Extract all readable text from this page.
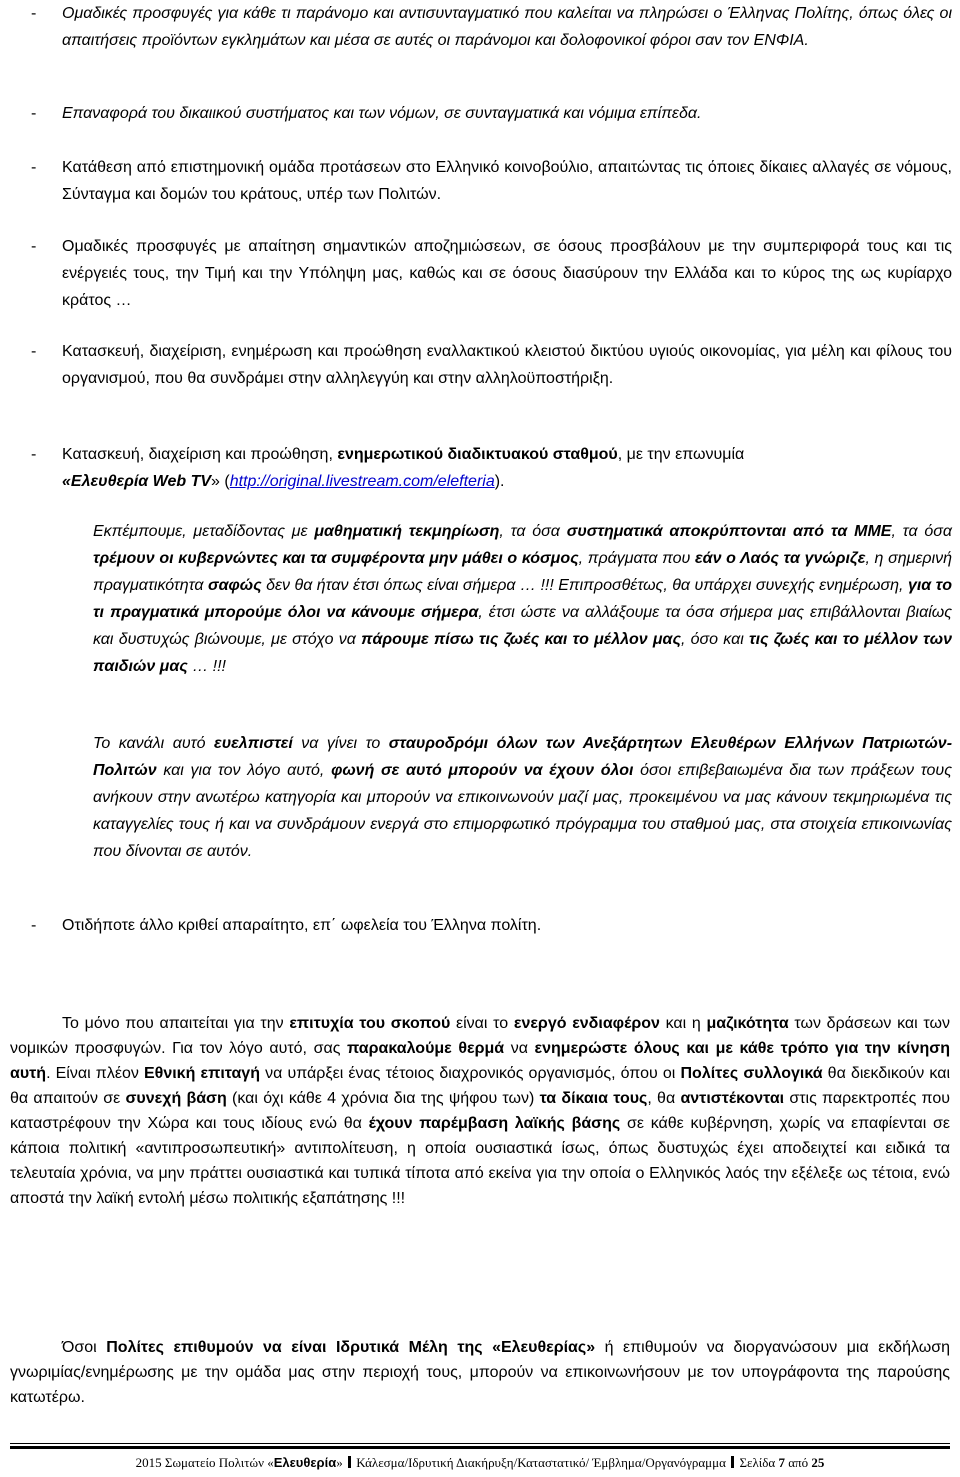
- Ομαδικές προσφυγές για κάθε τι παράνομο και αντισυνταγματικό που καλείται να πληρώσει ο Έλληνας Πολίτης, όπως όλες οι απαιτήσεις προϊόντων εγκλημάτων και μέσα σε αυτές οι παράνομοι και δολοφονικοί φόροι σαν τον ΕΝΦΙΑ.
- Επαναφορά του δικαιικού συστήματος και των νόμων, σε συνταγματικά και νόμιμα επίπεδα.
- Κατάθεση από επιστημονική ομάδα προτάσεων στο Ελληνικό κοινοβούλιο, απαιτώντας τις όποιες δίκαιες αλλαγές σε νόμους, Σύνταγμα και δομών του κράτους, υπέρ των Πολιτών.
- Ομαδικές προσφυγές με απαίτηση σημαντικών αποζημιώσεων, σε όσους προσβάλουν με την συμπεριφορά τους και τις ενέργειές τους, την Τιμή και την Υπόληψη μας, καθώς και σε όσους διασύρουν την Ελλάδα και το κύρος της ως κυρίαρχο κράτος …
- Κατασκευή, διαχείριση, ενημέρωση και προώθηση εναλλακτικού κλειστού δικτύου υγιούς οικονομίας, για μέλη και φίλους του οργανισμού, που θα συνδράμει στην αλληλεγγύη και στην αλληλοϋποστήριξη.
- Κατασκευή, διαχείριση και προώθηση, ενημερωτικού διαδικτυακού σταθμού, με την επωνυμία
«Ελευθερία Web TV» (http://original.livestream.com/elefteria).
Εκπέμπουμε, μεταδίδοντας με μαθηματική τεκμηρίωση, τα όσα συστηματικά αποκρύπτονται από τα ΜΜΕ, τα όσα τρέμουν οι κυβερνώντες και τα συμφέροντα μην μάθει ο κόσμος, πράγματα που εάν ο Λαός τα γνώριζε, η σημερινή πραγματικότητα σαφώς δεν θα ήταν έτσι όπως είναι σήμερα … !!! Επιπροσθέτως, θα υπάρχει συνεχής ενημέρωση, για το τι πραγματικά μπορούμε όλοι να κάνουμε σήμερα, έτσι ώστε να αλλάξουμε τα όσα σήμερα μας επιβάλλονται βιαίως και δυστυχώς βιώνουμε, με στόχο να πάρουμε πίσω τις ζωές και το μέλλον μας, όσο και τις ζωές και το μέλλον των παιδιών μας … !!!
Το κανάλι αυτό ευελπιστεί να γίνει το σταυροδρόμι όλων των Ανεξάρτητων Ελευθέρων Ελλήνων Πατριωτών-Πολιτών και για τον λόγο αυτό, φωνή σε αυτό μπορούν να έχουν όλοι όσοι επιβεβαιωμένα δια των πράξεων τους ανήκουν στην ανωτέρω κατηγορία και μπορούν να επικοινωνούν μαζί μας, προκειμένου να μας κάνουν τεκμηριωμένα τις καταγγελίες τους ή και να συνδράμουν ενεργά στο επιμορφωτικό πρόγραμμα του σταθμού μας, στα στοιχεία επικοινωνίας που δίνονται σε αυτόν.
- Οτιδήποτε άλλο κριθεί απαραίτητο, επ΄ ωφελεία του Έλληνα πολίτη.
Το μόνο που απαιτείται για την επιτυχία του σκοπού είναι το ενεργό ενδιαφέρον και η μαζικότητα των δράσεων και των νομικών προσφυγών. Για τον λόγο αυτό, σας παρακαλούμε θερμά να ενημερώστε όλους και με κάθε τρόπο για την κίνηση αυτή. Είναι πλέον Εθνική επιταγή να υπάρξει ένας τέτοιος διαχρονικός οργανισμός, όπου οι Πολίτες συλλογικά θα διεκδικούν και θα απαιτούν σε συνεχή βάση (και όχι κάθε 4 χρόνια δια της ψήφου των) τα δίκαια τους, θα αντιστέκονται στις παρεκτροπές που καταστρέφουν την Χώρα και τους ιδίους ενώ θα έχουν παρέμβαση λαϊκής βάσης σε κάθε κυβέρνηση, χωρίς να επαφίενται σε κάποια πολιτική «αντιπροσωπευτική» αντιπολίτευση, η οποία ουσιαστικά ίσως, όπως δυστυχώς έχει αποδειχτεί και ειδικά τα τελευταία χρόνια, να μην πράττει ουσιαστικά και τυπικά τίποτα από εκείνα για την οποία ο Ελληνικός λαός την εξέλεξε ως τέτοια, ενώ αποστά την λαϊκή εντολή μέσω πολιτικής εξαπάτησης !!!
Όσοι Πολίτες επιθυμούν να είναι Ιδρυτικά Μέλη της «Ελευθερίας» ή επιθυμούν να διοργανώσουν μια εκδήλωση γνωριμίας/ενημέρωσης με την ομάδα μας στην περιοχή τους, μπορούν να επικοινωνήσουν με τον υπογράφοντα της παρούσης κατωτέρω.
2015 Σωματείο Πολιτών «Ελευθερία»  Κάλεσμα/Ιδρυτική Διακήρυξη/Καταστατικό/ Έμβλημα/Οργανόγραμμα  Σελίδα 7 από 25
